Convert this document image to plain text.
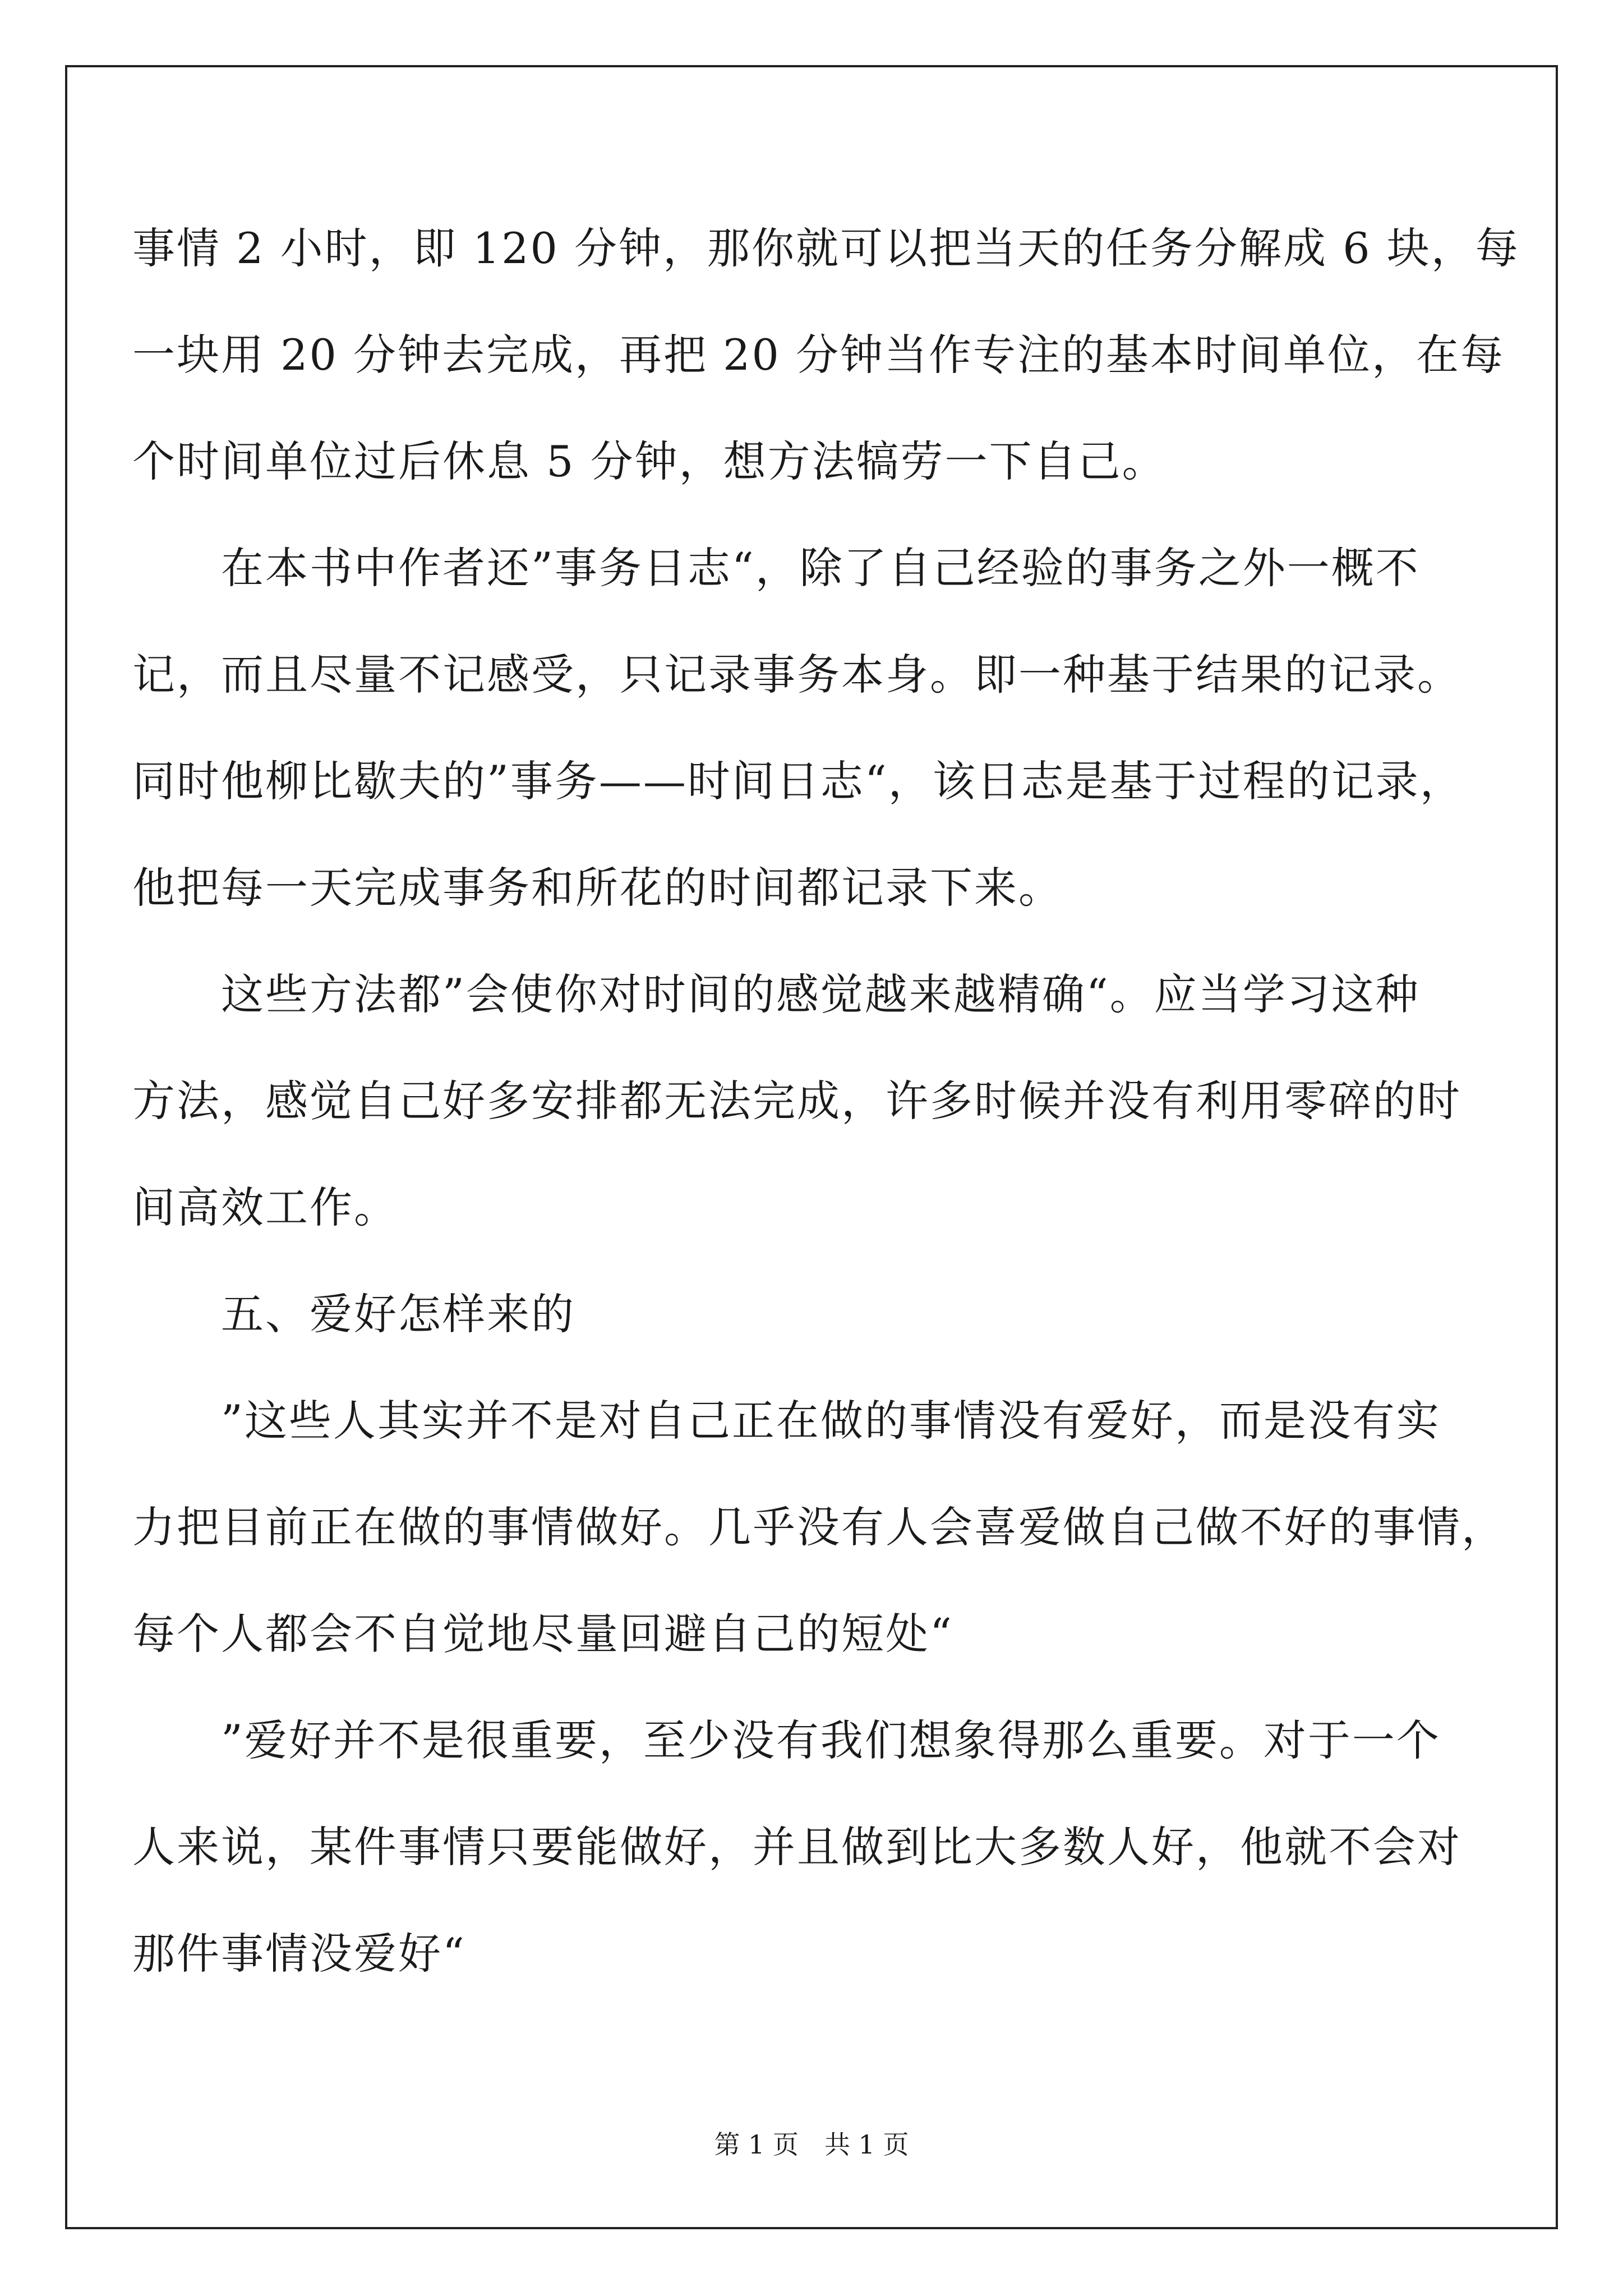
事情 2 小时，即 120 分钟，那你就可以把当天的任务分解成 6 块，每
一块用 20 分钟去完成，再把 20 分钟当作专注的基本时间单位，在每
个时间单位过后休息 5 分钟，想方法犒劳一下自己。
　　在本书中作者还”事务日志“，除了自己经验的事务之外一概不
记，而且尽量不记感受，只记录事务本身。即一种基于结果的记录。
同时他柳比歇夫的”事务——时间日志“，该日志是基于过程的记录，
他把每一天完成事务和所花的时间都记录下来。
　　这些方法都”会使你对时间的感觉越来越精确“。应当学习这种
方法，感觉自己好多安排都无法完成，许多时候并没有利用零碎的时
间高效工作。
　　五、爱好怎样来的
　　”这些人其实并不是对自己正在做的事情没有爱好，而是没有实
力把目前正在做的事情做好。几乎没有人会喜爱做自己做不好的事情，
每个人都会不自觉地尽量回避自己的短处“
　　”爱好并不是很重要，至少没有我们想象得那么重要。对于一个
人来说，某件事情只要能做好，并且做到比大多数人好，他就不会对
那件事情没爱好“
第 1 页　共 1 页
